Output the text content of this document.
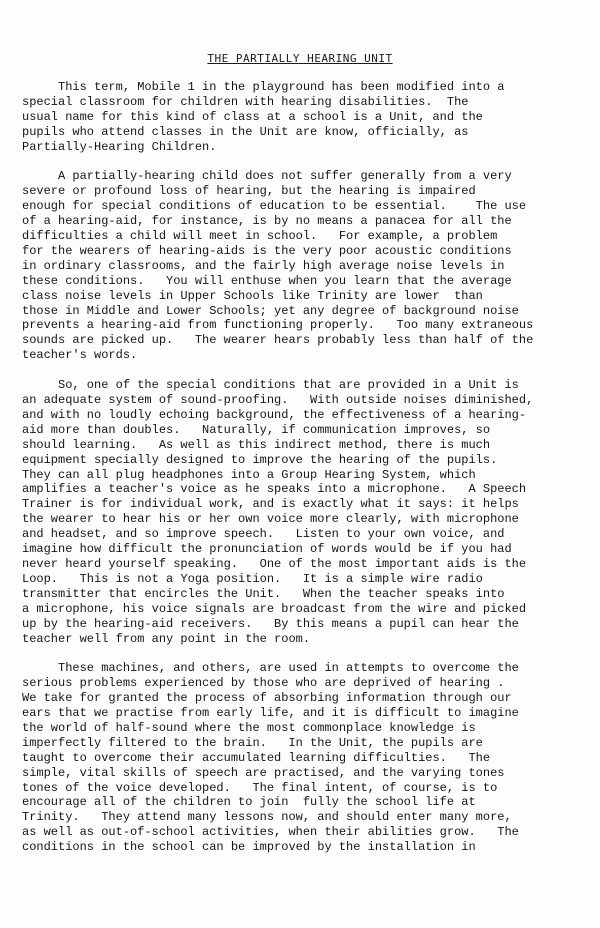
THE PARTIALLY HEARING UNIT
This term, Mobile 1 in the playground has been modified into a
special classroom for children with hearing disabilities.  The
usual name for this kind of class at a school is a Unit, and the
pupils who attend classes in the Unit are know, officially, as
Partially-Hearing Children.
A partially-hearing child does not suffer generally from a very
severe or profound loss of hearing, but the hearing is impaired
enough for special conditions of education to be essential.    The use
of a hearing-aid, for instance, is by no means a panacea for all the
difficulties a child will meet in school.   For example, a problem
for the wearers of hearing-aids is the very poor acoustic conditions
in ordinary classrooms, and the fairly high average noise levels in
these conditions.   You will enthuse when you learn that the average
class noise levels in Upper Schools like Trinity are lower  than
those in Middle and Lower Schools; yet any degree of background noise
prevents a hearing-aid from functioning properly.   Too many extraneous
sounds are picked up.   The wearer hears probably less than half of the
teacher's words.
So, one of the special conditions that are provided in a Unit is
an adequate system of sound-proofing.   With outside noises diminished,
and with no loudly echoing background, the effectiveness of a hearing-
aid more than doubles.   Naturally, if communication improves, so
should learning.   As well as this indirect method, there is much
equipment specially designed to improve the hearing of the pupils.
They can all plug headphones into a Group Hearing System, which
amplifies a teacher's voice as he speaks into a microphone.   A Speech
Trainer is for individual work, and is exactly what it says: it helps
the wearer to hear his or her own voice more clearly, with microphone
and headset, and so improve speech.   Listen to your own voice, and
imagine how difficult the pronunciation of words would be if you had
never heard yourself speaking.   One of the most important aids is the
Loop.   This is not a Yoga position.   It is a simple wire radio
transmitter that encircles the Unit.   When the teacher speaks into
a microphone, his voice signals are broadcast from the wire and picked
up by the hearing-aid receivers.   By this means a pupil can hear the
teacher well from any point in the room.
These machines, and others, are used in attempts to overcome the
serious problems experienced by those who are deprived of hearing .
We take for granted the process of absorbing information through our
ears that we practise from early life, and it is difficult to imagine
the world of half-sound where the most commonplace knowledge is
imperfectly filtered to the brain.   In the Unit, the pupils are
taught to overcome their accumulated learning difficulties.   The
simple, vital skills of speech are practised, and the varying tones
tones of the voice developed.   The final intent, of course, is to
encourage all of the children to join  fully the school life at
Trinity.   They attend many lessons now, and should enter many more,
as well as out-of-school activities, when their abilities grow.   The
conditions in the school can be improved by the installation in
